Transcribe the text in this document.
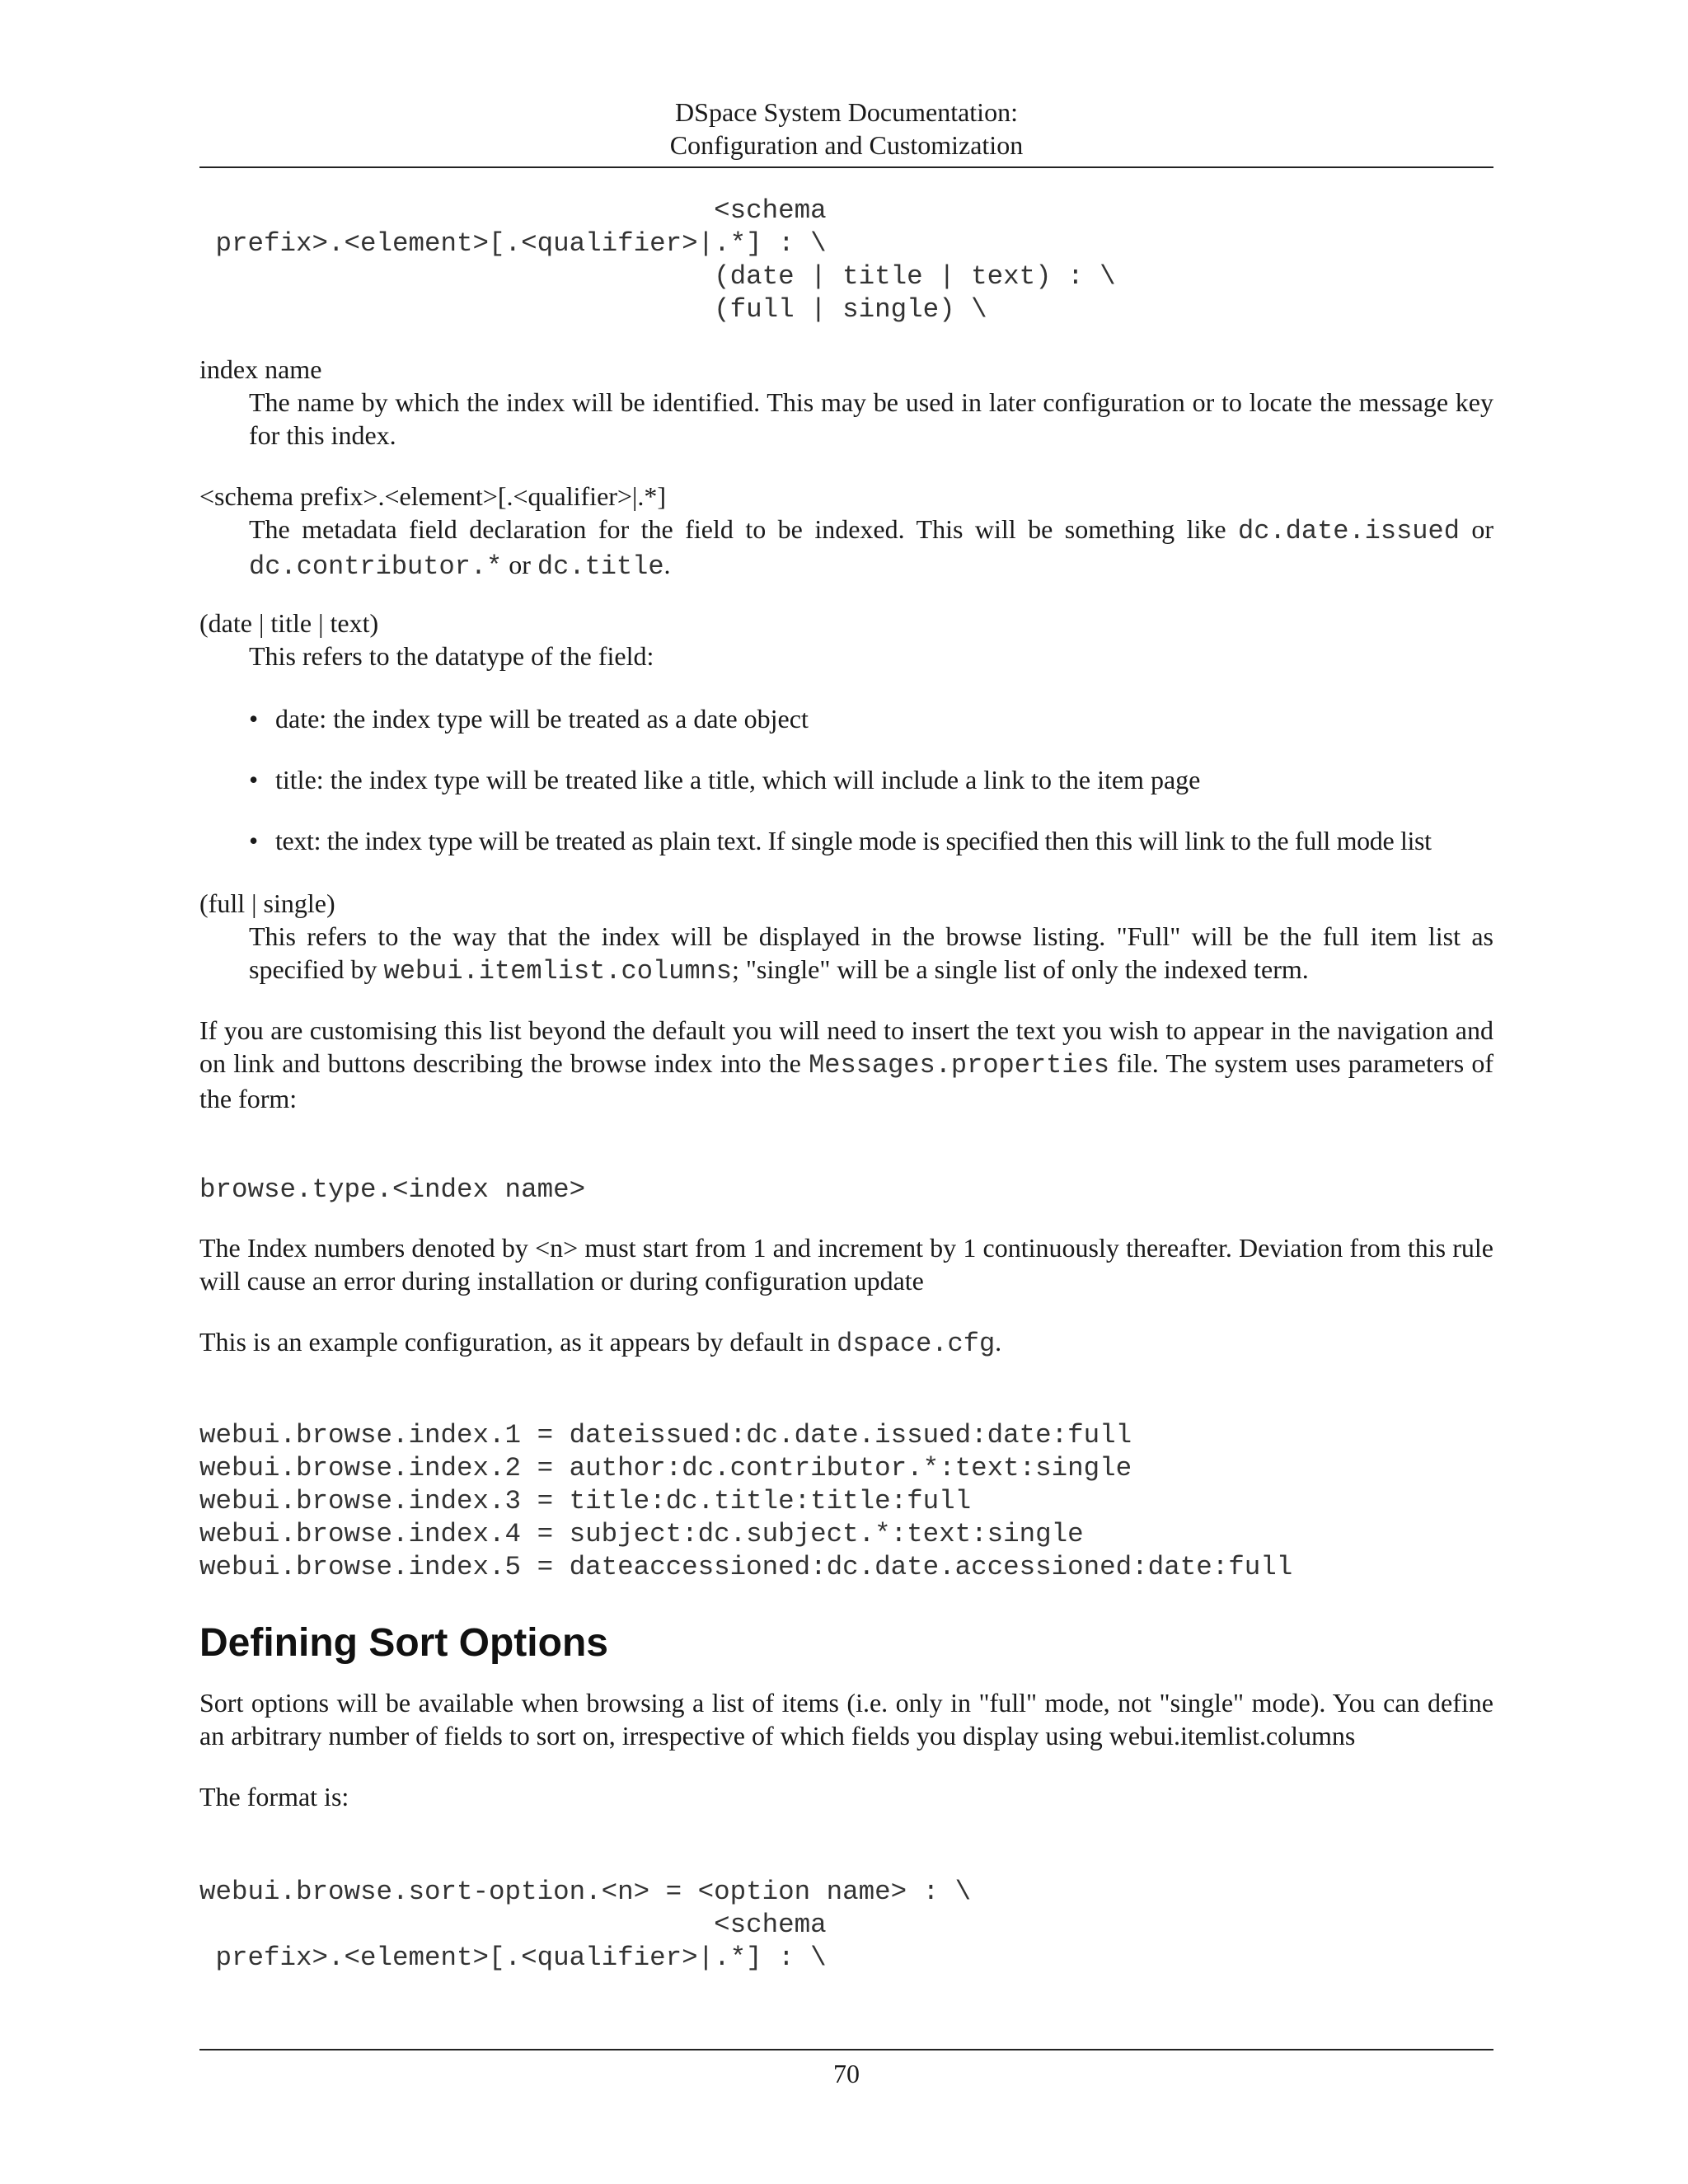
DSpace System Documentation:
Configuration and Customization
<schema
prefix>.<element>[.<qualifier>|.*] : \
(date | title | text) : \
(full | single) \
index name
The name by which the index will be identified. This may be used in later configuration or to locate the message key for this index.
<schema prefix>.<element>[.<qualifier>|.*]
The metadata field declaration for the field to be indexed. This will be something like dc.date.issued or dc.contributor.* or dc.title.
(date | title | text)
This refers to the datatype of the field:
• date: the index type will be treated as a date object
• title: the index type will be treated like a title, which will include a link to the item page
• text: the index type will be treated as plain text. If single mode is specified then this will link to the full mode list
(full | single)
This refers to the way that the index will be displayed in the browse listing. "Full" will be the full item list as specified by webui.itemlist.columns; "single" will be a single list of only the indexed term.
If you are customising this list beyond the default you will need to insert the text you wish to appear in the navigation and on link and buttons describing the browse index into the Messages.properties file. The system uses parameters of the form:
browse.type.<index name>
The Index numbers denoted by <n> must start from 1 and increment by 1 continuously thereafter. Deviation from this rule will cause an error during installation or during configuration update
This is an example configuration, as it appears by default in dspace.cfg.
webui.browse.index.1 = dateissued:dc.date.issued:date:full
webui.browse.index.2 = author:dc.contributor.*:text:single
webui.browse.index.3 = title:dc.title:title:full
webui.browse.index.4 = subject:dc.subject.*:text:single
webui.browse.index.5 = dateaccessioned:dc.date.accessioned:date:full
Defining Sort Options
Sort options will be available when browsing a list of items (i.e. only in "full" mode, not "single" mode). You can define an arbitrary number of fields to sort on, irrespective of which fields you display using webui.itemlist.columns
The format is:
webui.browse.sort-option.<n> = <option name> : \
<schema
prefix>.<element>[.<qualifier>|.*] : \
70
